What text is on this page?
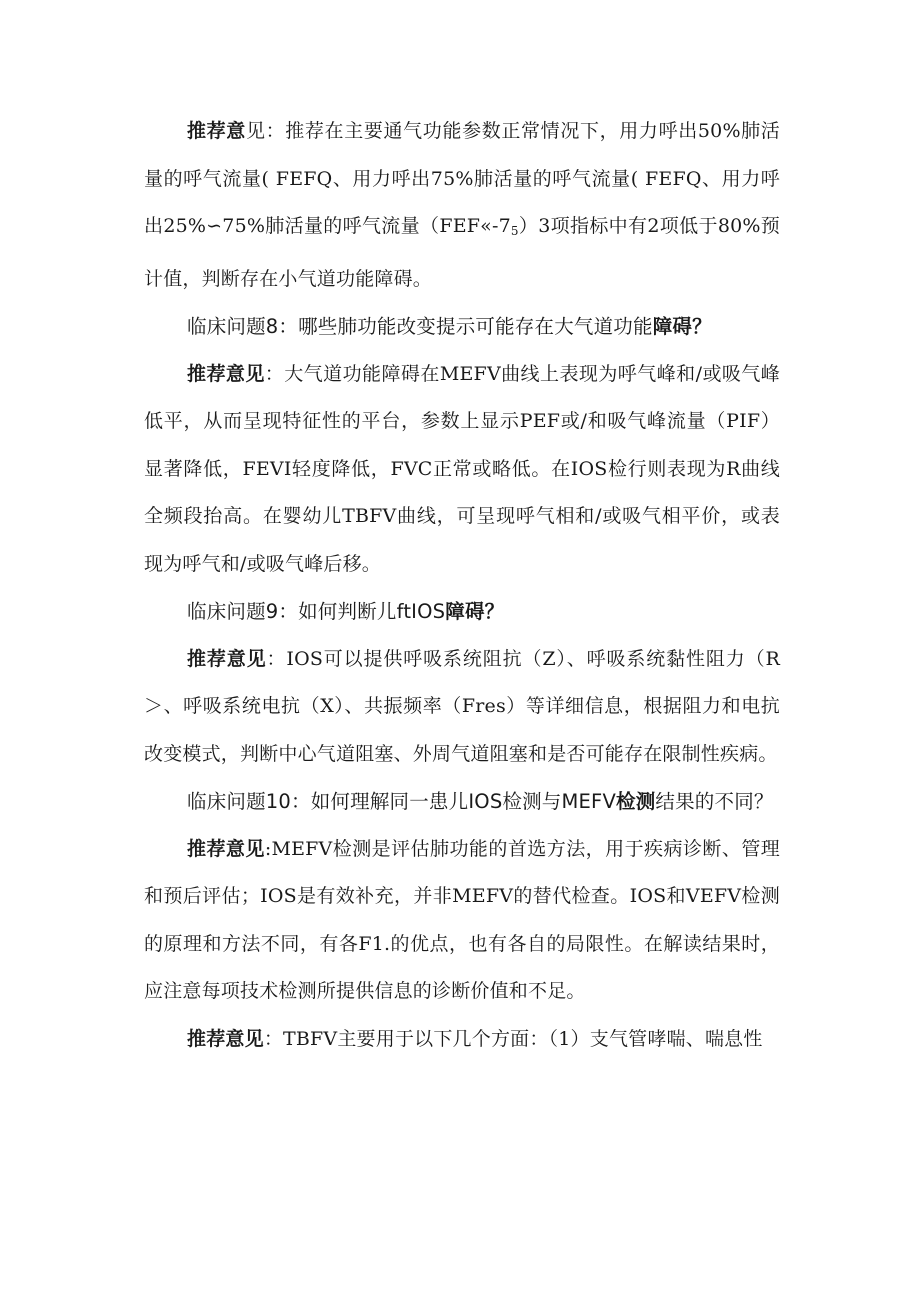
推荐意见：推荐在主要通气功能参数正常情况下，用力呼出50%肺活量的呼气流量( FEFQ、用力呼出75%肺活量的呼气流量( FEFQ、用力呼出25%∽75%肺活量的呼气流量$(FEF«-7_5)3$项指标中有2项低于80%预计值，判断存在小气道功能障碍。

临床问题8：哪些肺功能改变提示可能存在大气道功能障碍？

推荐意见：大气道功能障碍在MEFV曲线上表现为呼气峰和/或吸气峰低平，从而呈现特征性的平台，参数上显示PEF或/和吸气峰流量（PIF）显著降低，FEVI轻度降低，FVC正常或略低。在IOS检行则表现为R曲线全频段抬高。在婴幼儿TBFV曲线，可呈现呼气相和/或吸气相平价，或表现为呼气和/或吸气峰后移。

临床问题9：如何判断儿ftIOS障碍？

推荐意见：IOS可以提供呼吸系统阻抗（Z）、呼吸系统黏性阻力（R＞、呼吸系统电抗（X）、共振频率（Fres）等详细信息，根据阻力和电抗改变模式，判断中心气道阻塞、外周气道阻塞和是否可能存在限制性疾病。

临床问题10：如何理解同一患儿IOS检测与MEFV检测结果的不同？

推荐意见:MEFV检测是评估肺功能的首选方法，用于疾病诊断、管理和预后评估；IOS是有效补充，并非MEFV的替代检查。IOS和VEFV检测的原理和方法不同，有各F1.的优点，也有各自的局限性。在解读结果时，应注意每项技术检测所提供信息的诊断价值和不足。

推荐意见：TBFV主要用于以下几个方面：（1）支气管哮喘、喘息性
